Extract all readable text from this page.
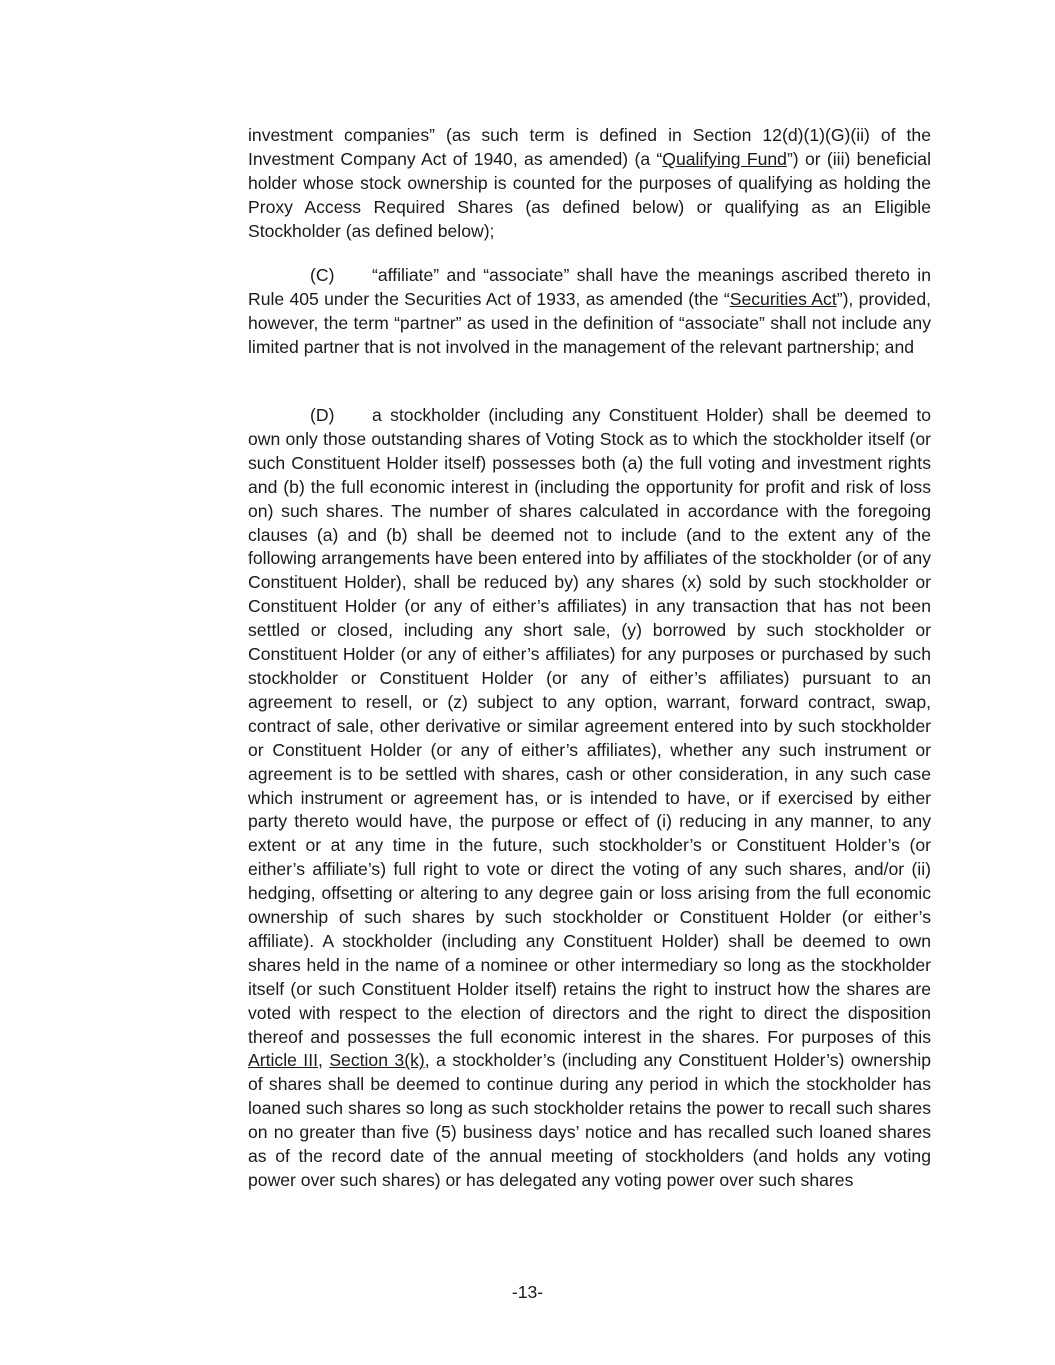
investment companies” (as such term is defined in Section 12(d)(1)(G)(ii) of the Investment Company Act of 1940, as amended) (a “Qualifying Fund”) or (iii) beneficial holder whose stock ownership is counted for the purposes of qualifying as holding the Proxy Access Required Shares (as defined below) or qualifying as an Eligible Stockholder (as defined below);

(C) “affiliate” and “associate” shall have the meanings ascribed thereto in Rule 405 under the Securities Act of 1933, as amended (the “Securities Act”), provided, however, the term “partner” as used in the definition of “associate” shall not include any limited partner that is not involved in the management of the relevant partnership; and

(D) a stockholder (including any Constituent Holder) shall be deemed to own only those outstanding shares of Voting Stock as to which the stockholder itself (or such Constituent Holder itself) possesses both (a) the full voting and investment rights and (b) the full economic interest in (including the opportunity for profit and risk of loss on) such shares. The number of shares calculated in accordance with the foregoing clauses (a) and (b) shall be deemed not to include (and to the extent any of the following arrangements have been entered into by affiliates of the stockholder (or of any Constituent Holder), shall be reduced by) any shares (x) sold by such stockholder or Constituent Holder (or any of either’s affiliates) in any transaction that has not been settled or closed, including any short sale, (y) borrowed by such stockholder or Constituent Holder (or any of either’s affiliates) for any purposes or purchased by such stockholder or Constituent Holder (or any of either’s affiliates) pursuant to an agreement to resell, or (z) subject to any option, warrant, forward contract, swap, contract of sale, other derivative or similar agreement entered into by such stockholder or Constituent Holder (or any of either’s affiliates), whether any such instrument or agreement is to be settled with shares, cash or other consideration, in any such case which instrument or agreement has, or is intended to have, or if exercised by either party thereto would have, the purpose or effect of (i) reducing in any manner, to any extent or at any time in the future, such stockholder’s or Constituent Holder’s (or either’s affiliate’s) full right to vote or direct the voting of any such shares, and/or (ii) hedging, offsetting or altering to any degree gain or loss arising from the full economic ownership of such shares by such stockholder or Constituent Holder (or either’s affiliate). A stockholder (including any Constituent Holder) shall be deemed to own shares held in the name of a nominee or other intermediary so long as the stockholder itself (or such Constituent Holder itself) retains the right to instruct how the shares are voted with respect to the election of directors and the right to direct the disposition thereof and possesses the full economic interest in the shares. For purposes of this Article III, Section 3(k), a stockholder’s (including any Constituent Holder’s) ownership of shares shall be deemed to continue during any period in which the stockholder has loaned such shares so long as such stockholder retains the power to recall such shares on no greater than five (5) business days’ notice and has recalled such loaned shares as of the record date of the annual meeting of stockholders (and holds any voting power over such shares) or has delegated any voting power over such shares

-13-
